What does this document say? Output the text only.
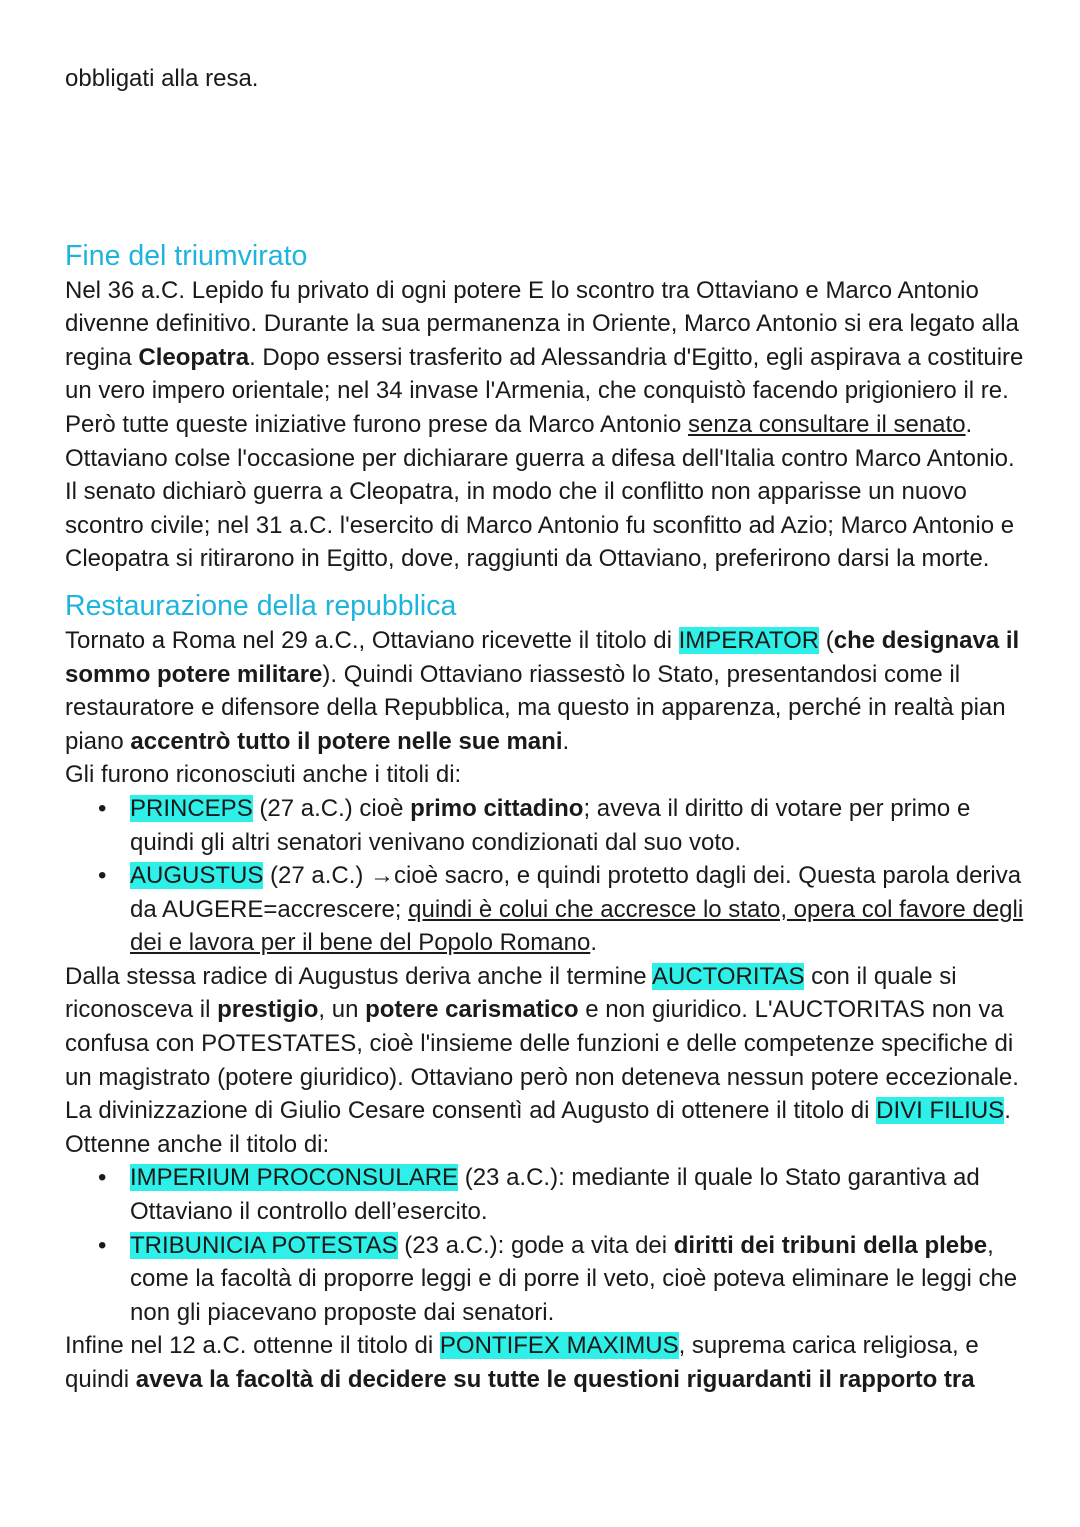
obbligati alla resa.

Fine del triumvirato

Nel 36 a.C. Lepido fu privato di ogni potere E lo scontro tra Ottaviano e Marco Antonio divenne definitivo. Durante la sua permanenza in Oriente, Marco Antonio si era legato alla regina Cleopatra. Dopo essersi trasferito ad Alessandria d'Egitto, egli aspirava a costituire un vero impero orientale; nel 34 invase l'Armenia, che conquistò facendo prigioniero il re. Però tutte queste iniziative furono prese da Marco Antonio senza consultare il senato. Ottaviano colse l'occasione per dichiarare guerra a difesa dell'Italia contro Marco Antonio. Il senato dichiarò guerra a Cleopatra, in modo che il conflitto non apparisse un nuovo scontro civile; nel 31 a.C. l'esercito di Marco Antonio fu sconfitto ad Azio; Marco Antonio e Cleopatra si ritirarono in Egitto, dove, raggiunti da Ottaviano, preferirono darsi la morte.

Restaurazione della repubblica

Tornato a Roma nel 29 a.C., Ottaviano ricevette il titolo di IMPERATOR (che designava il sommo potere militare). Quindi Ottaviano riassestò lo Stato, presentandosi come il restauratore e difensore della Repubblica, ma questo in apparenza, perché in realtà pian piano accentrò tutto il potere nelle sue mani.

Gli furono riconosciuti anche i titoli di:

• PRINCEPS (27 a.C.) cioè primo cittadino; aveva il diritto di votare per primo e quindi gli altri senatori venivano condizionati dal suo voto.
• AUGUSTUS (27 a.C.) →cioè sacro, e quindi protetto dagli dei. Questa parola deriva da AUGERE=accrescere; quindi è colui che accresce lo stato, opera col favore degli dei e lavora per il bene del Popolo Romano.

Dalla stessa radice di Augustus deriva anche il termine AUCTORITAS con il quale si riconosceva il prestigio, un potere carismatico e non giuridico. L'AUCTORITAS non va confusa con POTESTATES, cioè l'insieme delle funzioni e delle competenze specifiche di un magistrato (potere giuridico). Ottaviano però non deteneva nessun potere eccezionale. La divinizzazione di Giulio Cesare consentì ad Augusto di ottenere il titolo di DIVI FILIUS.

Ottenne anche il titolo di:

• IMPERIUM PROCONSULARE (23 a.C.): mediante il quale lo Stato garantiva ad Ottaviano il controllo dell’esercito.
• TRIBUNICIA POTESTAS (23 a.C.): gode a vita dei diritti dei tribuni della plebe, come la facoltà di proporre leggi e di porre il veto, cioè poteva eliminare le leggi che non gli piacevano proposte dai senatori.

Infine nel 12 a.C. ottenne il titolo di PONTIFEX MAXIMUS, suprema carica religiosa, e quindi aveva la facoltà di decidere su tutte le questioni riguardanti il rapporto tra
